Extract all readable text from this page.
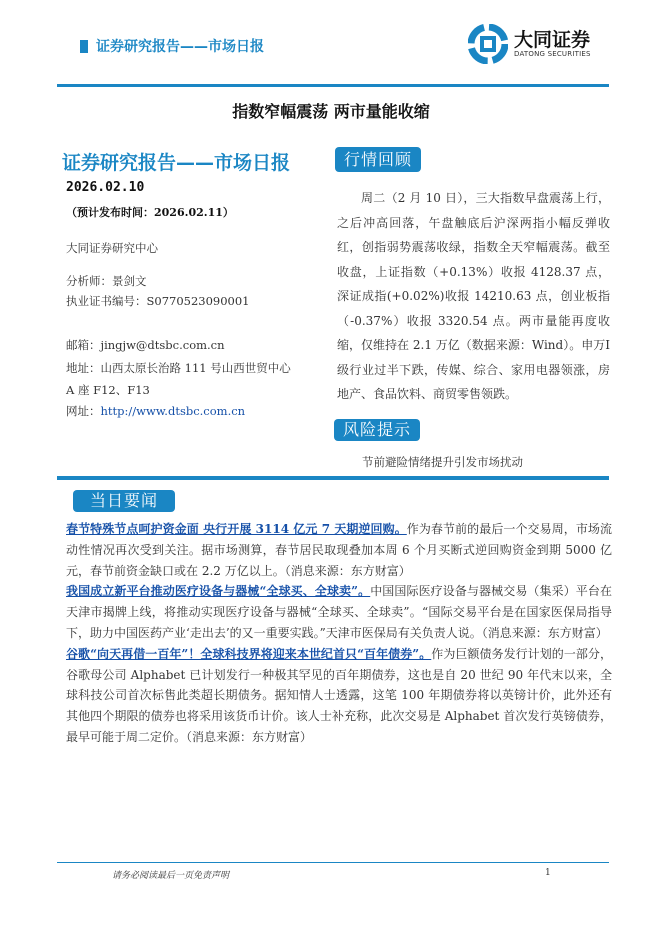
证券研究报告——市场日报	大同证券
DATONG SECURITIES
指数窄幅震荡 两市量能收缩
证券研究报告——市场日报	行情回顾
2026.02.10
（预计发布时间：2026.02.11）
大同证券研究中心
分析师：景剑文
执业证书编号：S0770523090001
邮箱：jingjw@dtsbc.com.cn
地址：山西太原长治路 111 号山西世贸中心
A 座 F12、F13
网址：http://www.dtsbc.com.cn
周二（2 月 10 日），三大指数早盘震荡上行，之后冲高回落，午盘触底后沪深两指小幅反弹收红，创指弱势震荡收绿，指数全天窄幅震荡。截至收盘，上证指数（+0.13%）收报 4128.37 点，深证成指(+0.02%)收报 14210.63 点，创业板指（-0.37%）收报 3320.54 点。两市量能再度收缩，仅维持在 2.1 万亿（数据来源：Wind）。申万Ⅰ级行业过半下跌，传媒、综合、家用电器领涨，房地产、食品饮料、商贸零售领跌。
风险提示
节前避险情绪提升引发市场扰动
当日要闻

春节特殊节点呵护资金面 央行开展 3114 亿元 7 天期逆回购。作为春节前的最后一个交易周，市场流动性情况再次受到关注。据市场测算，春节居民取现叠加本周 6 个月买断式逆回购资金到期 5000 亿元，春节前资金缺口或在 2.2 万亿以上。（消息来源：东方财富）

我国成立新平台推动医疗设备与器械“全球买、全球卖”。中国国际医疗设备与器械交易（集采）平台在天津市揭牌上线，将推动实现医疗设备与器械“全球买、全球卖”。“国际交易平台是在国家医保局指导下，助力中国医药产业‘走出去’的又一重要实践。”天津市医保局有关负责人说。（消息来源：东方财富）

谷歌“向天再借一百年”！全球科技界将迎来本世纪首只“百年债券”。作为巨额债务发行计划的一部分，谷歌母公司 Alphabet 已计划发行一种极其罕见的百年期债券，这也是自 20 世纪 90 年代末以来，全球科技公司首次标售此类超长期债务。据知情人士透露，这笔 100 年期债券将以英镑计价，此外还有其他四个期限的债券也将采用该货币计价。该人士补充称，此次交易是 Alphabet 首次发行英镑债券，最早可能于周二定价。（消息来源：东方财富）

请务必阅读最后一页免责声明	1
